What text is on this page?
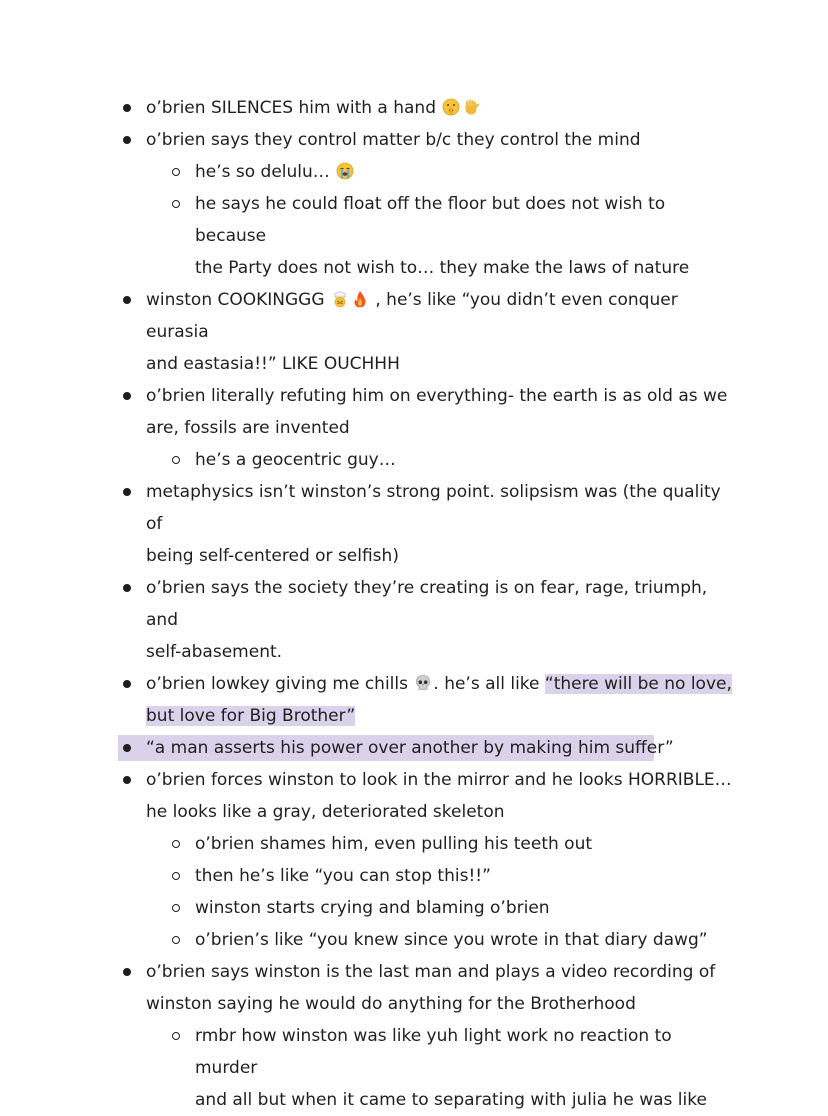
o’brien SILENCES him with a hand
o’brien says they control matter b/c they control the mind
he’s so delulu…
he says he could float off the floor but does not wish to because
the Party does not wish to… they make the laws of nature
winston COOKINGGG	, he’s like “you didn’t even conquer eurasia
and eastasia!!” LIKE OUCHHH
o’brien literally refuting him on everything- the earth is as old as we
are, fossils are invented
he’s a geocentric guy…
metaphysics isn’t winston’s strong point. solipsism was (the quality of
being self-centered or selfish)
o’brien says the society they’re creating is on fear, rage, triumph, and
self-abasement.
o’brien lowkey giving me chills . he’s all like “there will be no love,
but love for Big Brother”
“a man asserts his power over another by making him suffer”
o’brien forces winston to look in the mirror and he looks HORRIBLE…
he looks like a gray, deteriorated skeleton
o’brien shames him, even pulling his teeth out
then he’s like “you can stop this!!”
winston starts crying and blaming o’brien
o’brien’s like “you knew since you wrote in that diary dawg”
o’brien says winston is the last man and plays a video recording of
winston saying he would do anything for the Brotherhood
rmbr how winston was like yuh light work no reaction to murder
and all but when it came to separating with julia he was like
